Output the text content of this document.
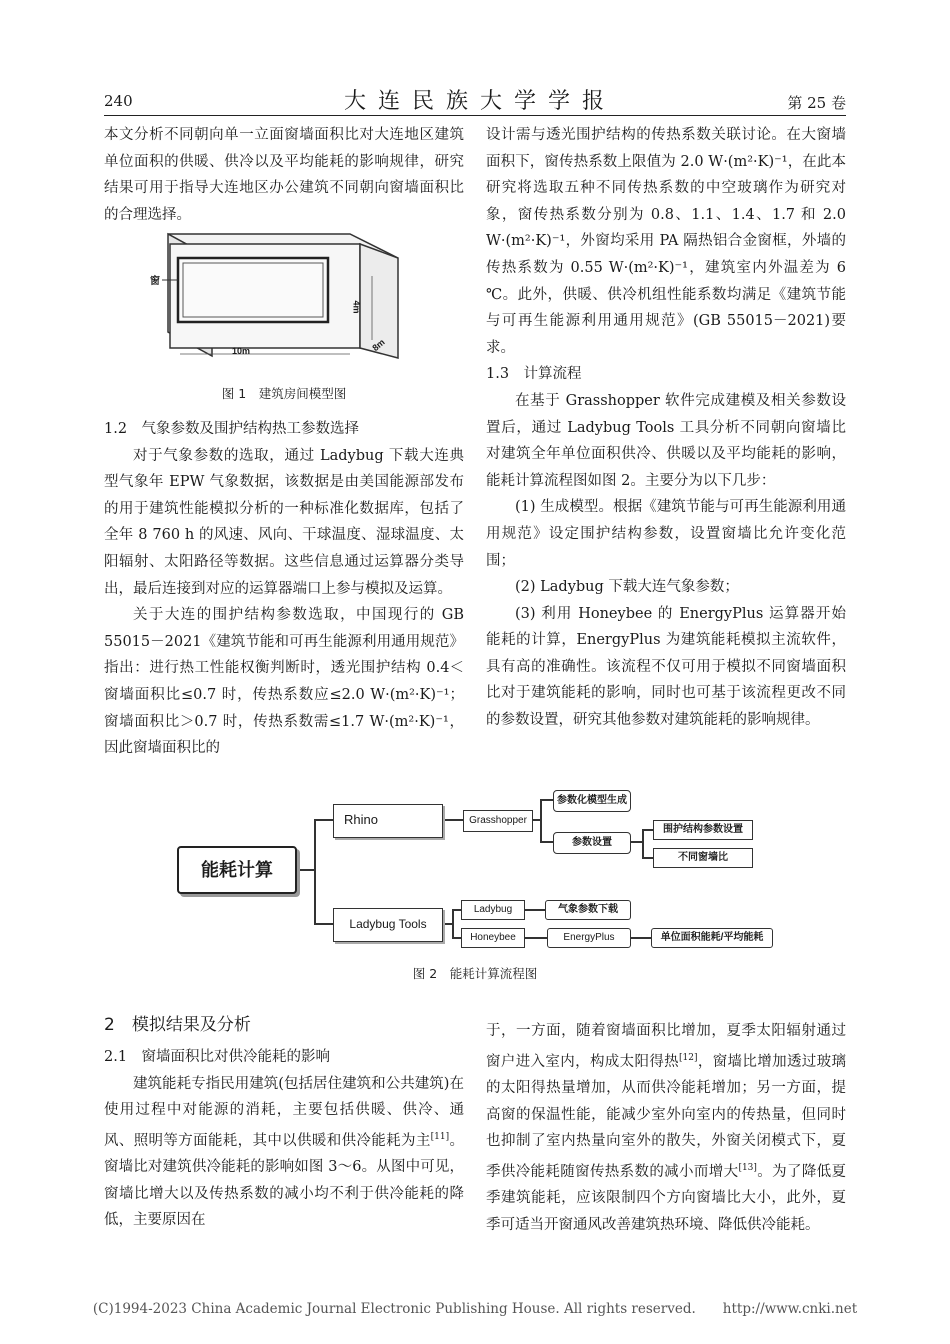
240	大连民族大学学报	第 25 卷

本文分析不同朝向单一立面窗墙面积比对大连地区建筑单位面积的供暖、供冷以及平均能耗的影响规律，研究结果可用于指导大连地区办公建筑不同朝向窗墙面积比的合理选择。

窗
4m
10m	8m
图 1　建筑房间模型图
1.2　气象参数及围护结构热工参数选择

对于气象参数的选取，通过 Ladybug 下载大连典型气象年 EPW 气象数据，该数据是由美国能源部发布的用于建筑性能模拟分析的一种标准化数据库，包括了全年 8 760 h 的风速、风向、干球温度、湿球温度、太阳辐射、太阳路径等数据。这些信息通过运算器分类导出，最后连接到对应的运算器端口上参与模拟及运算。

关于大连的围护结构参数选取，中国现行的 GB 55015－2021《建筑节能和可再生能源利用通用规范》指出：进行热工性能权衡判断时，透光围护结构 0.4＜窗墙面积比≤0.7 时，传热系数应≤2.0 W·(m²·K)⁻¹；窗墙面积比＞0.7 时，传热系数需≤1.7 W·(m²·K)⁻¹，因此窗墙面积比的

设计需与透光围护结构的传热系数关联讨论。在大窗墙面积下，窗传热系数上限值为 2.0 W·(m²·K)⁻¹，在此本研究将选取五种不同传热系数的中空玻璃作为研究对象，窗传热系数分别为 0.8、1.1、1.4、1.7 和 2.0 W·(m²·K)⁻¹，外窗均采用 PA 隔热铝合金窗框，外墙的传热系数为 0.55 W·(m²·K)⁻¹，建筑室内外温差为 6 ℃。此外，供暖、供冷机组性能系数均满足《建筑节能与可再生能源利用通用规范》(GB 55015－2021)要求。

1.3　计算流程

在基于 Grasshopper 软件完成建模及相关参数设置后，通过 Ladybug Tools 工具分析不同朝向窗墙比对建筑全年单位面积供冷、供暖以及平均能耗的影响，能耗计算流程图如图 2。主要分为以下几步：

(1) 生成模型。根据《建筑节能与可再生能源利用通用规范》设定围护结构参数，设置窗墙比允许变化范围；

(2) Ladybug 下载大连气象参数；

(3) 利用 Honeybee 的 EnergyPlus 运算器开始能耗的计算，EnergyPlus 为建筑能耗模拟主流软件，具有高的准确性。该流程不仅可用于模拟不同窗墙面积比对于建筑能耗的影响，同时也可基于该流程更改不同的参数设置，研究其他参数对建筑能耗的影响规律。

能耗计算
Rhino	Grasshopper
参数化模型生成
参数设置
围护结构参数设置
不同窗墙比
Ladybug Tools
Ladybug	气象参数下载
Honeybee	EnergyPlus	单位面积能耗/平均能耗
图 2　能耗计算流程图
2　模拟结果及分析
2.1　窗墙面积比对供冷能耗的影响

建筑能耗专指民用建筑(包括居住建筑和公共建筑)在使用过程中对能源的消耗，主要包括供暖、供冷、通风、照明等方面能耗，其中以供暖和供冷能耗为主[11]。窗墙比对建筑供冷能耗的影响如图 3～6。从图中可见，窗墙比增大以及传热系数的减小均不利于供冷能耗的降低，主要原因在

于，一方面，随着窗墙面积比增加，夏季太阳辐射通过窗户进入室内，构成太阳得热[12]，窗墙比增加透过玻璃的太阳得热量增加，从而供冷能耗增加；另一方面，提高窗的保温性能，能减少室外向室内的传热量，但同时也抑制了室内热量向室外的散失，外窗关闭模式下，夏季供冷能耗随窗传热系数的减小而增大[13]。为了降低夏季建筑能耗，应该限制四个方向窗墙比大小，此外，夏季可适当开窗通风改善建筑热环境、降低供冷能耗。

(C)1994-2023 China Academic Journal Electronic Publishing House. All rights reserved.　　http://www.cnki.net
